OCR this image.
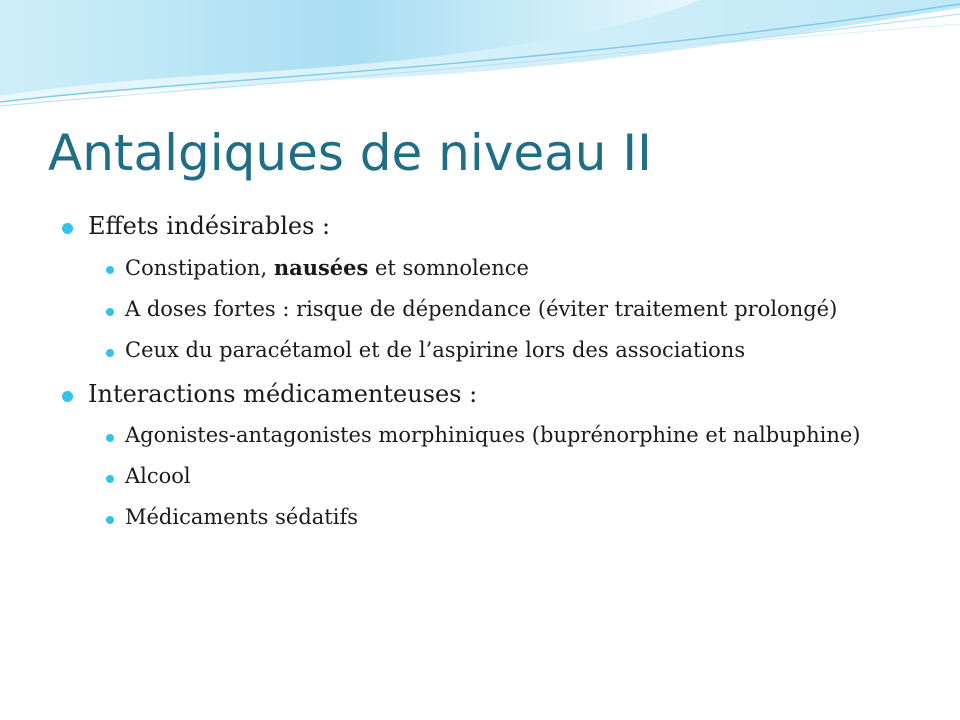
Antalgiques de niveau II
Effets indésirables :
Constipation, nausées et somnolence
A doses fortes : risque de dépendance (éviter traitement prolongé)
Ceux du paracétamol et de l’aspirine lors des associations
Interactions médicamenteuses :
Agonistes-antagonistes morphiniques (buprénorphine et nalbuphine)
Alcool
Médicaments sédatifs
